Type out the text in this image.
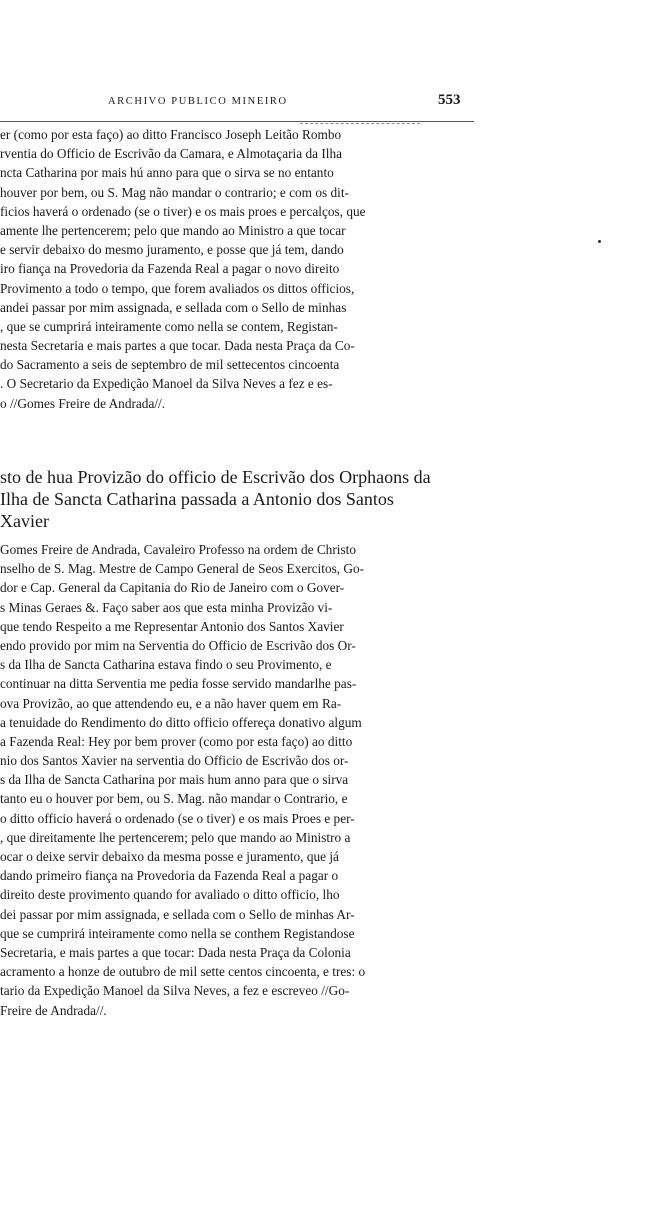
ARCHIVO PUBLICO MINEIRO	553
er (como por esta faço) ao ditto Francisco Joseph Leitão Rombo
rventia do Officio de Escrivão da Camara, e Almotaçaria da Ilha
ncta Catharina por mais hú anno para que o sirva se no entanto
houver por bem, ou S. Mag não mandar o contrario; e com os dit-
ficios haverá o ordenado (se o tiver) e os mais proes e percalços, que
amente lhe pertencerem; pelo que mando ao Ministro a que tocar
e servir debaixo do mesmo juramento, e posse que já tem, dando
iro fiança na Provedoria da Fazenda Real a pagar o novo direito
Provimento a todo o tempo, que forem avaliados os dittos officios,
andei passar por mim assignada, e sellada com o Sello de minhas
, que se cumprirá inteiramente como nella se contem, Registan-
nesta Secretaria e mais partes a que tocar. Dada nesta Praça da Co-
do Sacramento a seis de septembro de mil settecentos cincoenta
. O Secretario da Expedição Manoel da Silva Neves a fez e es-
o //Gomes Freire de Andrada//.
sto de hua Provizão do officio de Escrivão dos Orphaons da
Ilha de Sancta Catharina passada a Antonio dos Santos
Xavier
Gomes Freire de Andrada, Cavaleiro Professo na ordem de Christo
nselho de S. Mag. Mestre de Campo General de Seos Exercitos, Go-
dor e Cap. General da Capitania do Rio de Janeiro com o Gover-
s Minas Geraes &. Faço saber aos que esta minha Provizão vi-
que tendo Respeito a me Representar Antonio dos Santos Xavier
endo provido por mim na Serventia do Officio de Escrivão dos Or-
s da Ilha de Sancta Catharina estava findo o seu Provimento, e
continuar na ditta Serventia me pedia fosse servido mandarlhe pas-
ova Provizão, ao que attendendo eu, e a não haver quem em Ra-
a tenuidade do Rendimento do ditto officio offereça donativo algum
a Fazenda Real: Hey por bem prover (como por esta faço) ao ditto
nio dos Santos Xavier na serventia do Officio de Escrivão dos or-
s da Ilha de Sancta Catharina por mais hum anno para que o sirva
tanto eu o houver por bem, ou S. Mag. não mandar o Contrario, e
o ditto officio haverá o ordenado (se o tiver) e os mais Proes e per-
, que direitamente lhe pertencerem; pelo que mando ao Ministro a
ocar o deixe servir debaixo da mesma posse e juramento, que já
dando primeiro fiança na Provedoria da Fazenda Real a pagar o
direito deste provimento quando for avaliado o ditto officio, lho
dei passar por mim assignada, e sellada com o Sello de minhas Ar-
que se cumprirá inteiramente como nella se conthem Registandose
Secretaria, e mais partes a que tocar: Dada nesta Praça da Colonia
acramento a honze de outubro de mil sette centos cincoenta, e tres: o
tario da Expedição Manoel da Silva Neves, a fez e escreveo //Go-
Freire de Andrada//.
